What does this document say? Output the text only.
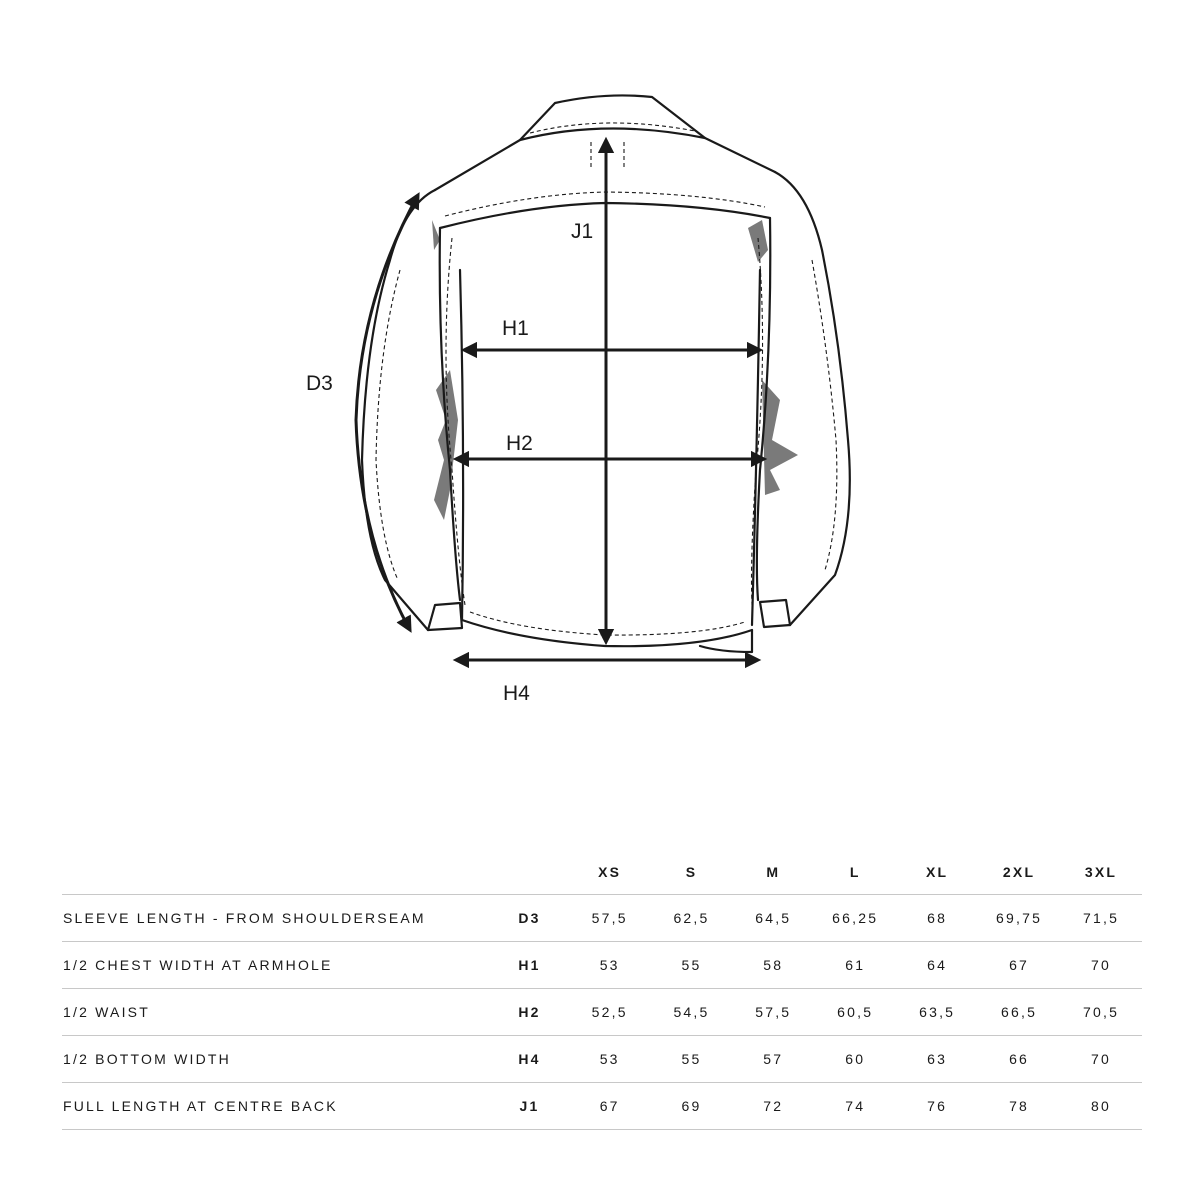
J1
H1
H2
D3
H4
		XS	S	M	L	XL	2XL	3XL
SLEEVE LENGTH - FROM SHOULDERSEAM	D3	57,5	62,5	64,5	66,25	68	69,75	71,5
1/2 CHEST WIDTH AT ARMHOLE	H1	53	55	58	61	64	67	70
1/2 WAIST	H2	52,5	54,5	57,5	60,5	63,5	66,5	70,5
1/2 BOTTOM WIDTH	H4	53	55	57	60	63	66	70
FULL LENGTH AT CENTRE BACK	J1	67	69	72	74	76	78	80
